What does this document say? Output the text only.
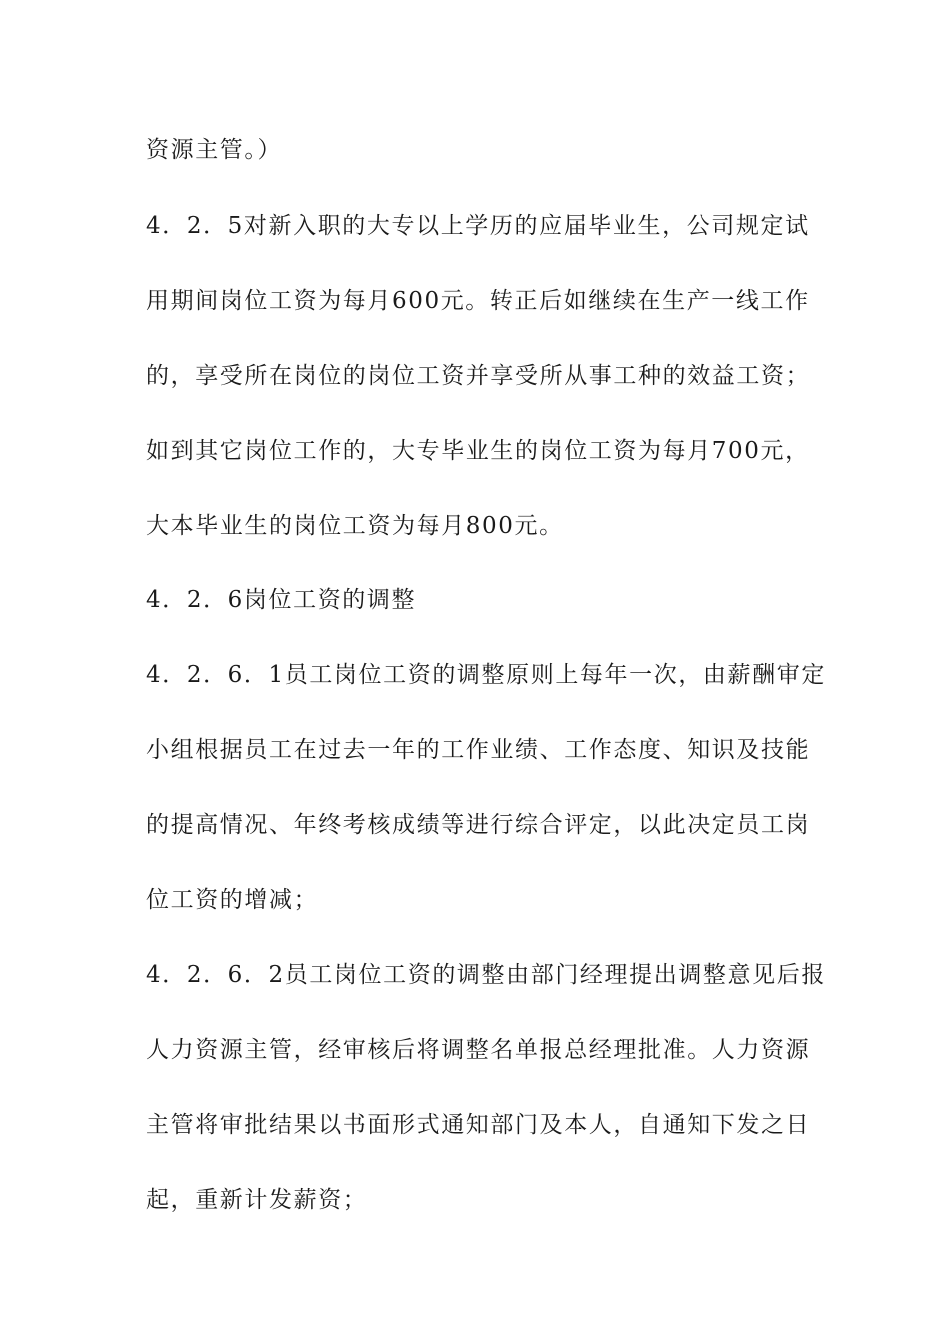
资源主管。）
4．2．5对新入职的大专以上学历的应届毕业生，公司规定试
用期间岗位工资为每月600元。转正后如继续在生产一线工作
的，享受所在岗位的岗位工资并享受所从事工种的效益工资；
如到其它岗位工作的，大专毕业生的岗位工资为每月700元，
大本毕业生的岗位工资为每月800元。
4．2．6岗位工资的调整
4．2．6．1员工岗位工资的调整原则上每年一次，由薪酬审定
小组根据员工在过去一年的工作业绩、工作态度、知识及技能
的提高情况、年终考核成绩等进行综合评定，以此决定员工岗
位工资的增减；
4．2．6．2员工岗位工资的调整由部门经理提出调整意见后报
人力资源主管，经审核后将调整名单报总经理批准。人力资源
主管将审批结果以书面形式通知部门及本人，自通知下发之日
起，重新计发薪资；
